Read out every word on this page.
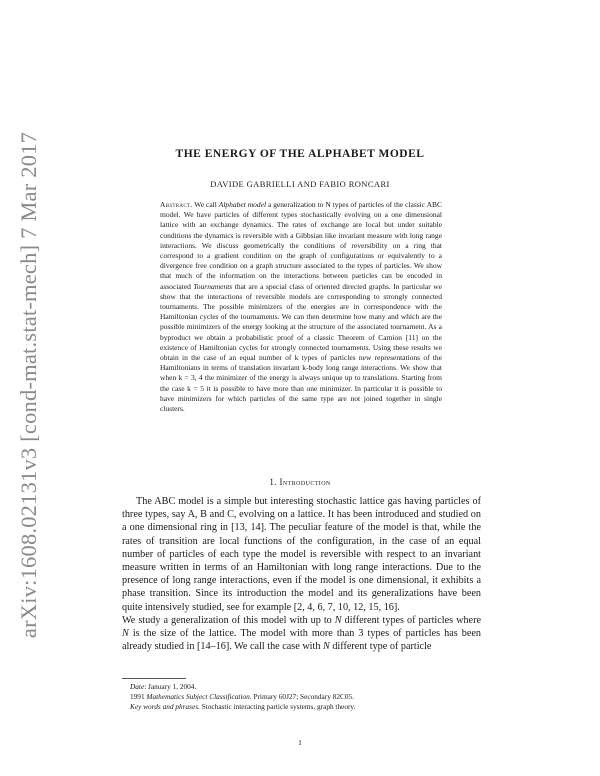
arXiv:1608.02131v3 [cond-mat.stat-mech] 7 Mar 2017	THE ENERGY OF THE ALPHABET MODEL
DAVIDE GABRIELLI AND FABIO RONCARI
Abstract. We call Alphabet model a generalization to N types of particles of the classic ABC model. We have particles of different types stochastically evolving on a one dimensional lattice with an exchange dynamics. The rates of exchange are local but under suitable conditions the dynamics is reversible with a Gibbsian like invariant measure with long range interactions. We discuss geometrically the conditions of reversibility on a ring that correspond to a gradient condition on the graph of configurations or equivalently to a divergence free condition on a graph structure associated to the types of particles. We show that much of the information on the interactions between particles can be encoded in associated Tournaments that are a special class of oriented directed graphs. In particular we show that the interactions of reversible models are corresponding to strongly connected tournaments. The possible minimizers of the energies are in correspondence with the Hamiltonian cycles of the tournaments. We can then determine how many and which are the possible minimizers of the energy looking at the structure of the associated tournament. As a byproduct we obtain a probabilistic proof of a classic Theorem of Camion [11] on the existence of Hamiltonian cycles for strongly connected tournaments. Using these results we obtain in the case of an equal number of k types of particles new representations of the Hamiltonians in terms of translation invariant k-body long range interactions. We show that when k = 3, 4 the minimizer of the energy is always unique up to translations. Starting from the case k = 5 it is possible to have more than one minimizer. In particular it is possible to have minimizers for which particles of the same type are not joined together in single clusters.
1. Introduction

The ABC model is a simple but interesting stochastic lattice gas having particles of three types, say A, B and C, evolving on a lattice. It has been introduced and studied on a one dimensional ring in [13, 14]. The peculiar feature of the model is that, while the rates of transition are local functions of the configuration, in the case of an equal number of particles of each type the model is reversible with respect to an invariant measure written in terms of an Hamiltonian with long range interactions. Due to the presence of long range interactions, even if the model is one dimensional, it exhibits a phase transition. Since its introduction the model and its generalizations have been quite intensively studied, see for example [2, 4, 6, 7, 10, 12, 15, 16].

We study a generalization of this model with up to N different types of particles where N is the size of the lattice. The model with more than 3 types of particles has been already studied in [14–16]. We call the case with N different type of particle

Date: January 1, 2004.
1991 Mathematics Subject Classification. Primary 60J27; Secondary 82C05.
Key words and phrases. Stochastic interacting particle systems, graph theory.
1
